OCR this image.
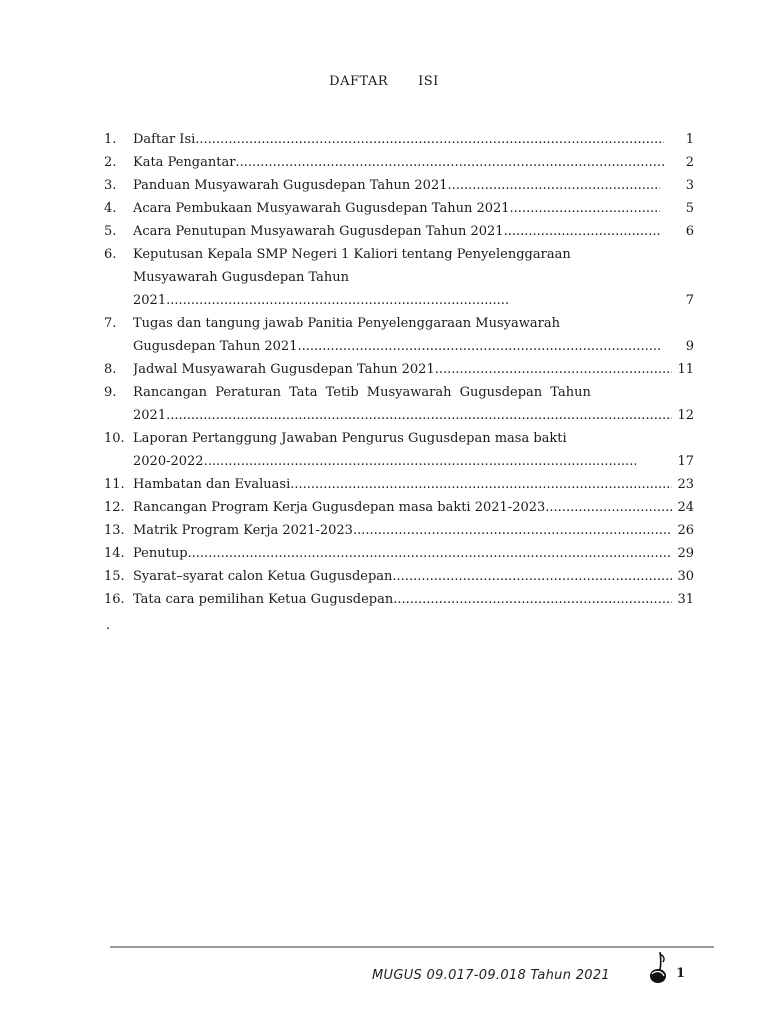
DAFTAR ISI
1. Daftar Isi .....	1
2. Kata Pengantar .....	2
3. Panduan Musyawarah Gugusdepan Tahun 2021 .....	3
4. Acara Pembukaan Musyawarah Gugusdepan Tahun 2021 .....	5
5. Acara Penutupan Musyawarah Gugusdepan Tahun 2021 .....	6
6. Keputusan Kepala SMP Negeri 1 Kaliori tentang Penyelenggaraan
Musyawarah Gugusdepan Tahun
2021 .....	7
7. Tugas dan tangung jawab Panitia Penyelenggaraan Musyawarah
Gugusdepan Tahun 2021 .....	9
8. Jadwal Musyawarah Gugusdepan Tahun 2021 .....	11
9. Rancangan Peraturan Tata Tetib Musyawarah Gugusdepan Tahun
2021 .....	12
10. Laporan Pertanggung Jawaban Pengurus Gugusdepan masa bakti
2020-2022 .....	17
11. Hambatan dan Evaluasi .....	23
12. Rancangan Program Kerja Gugusdepan masa bakti 2021-2023 .....	24
13. Matrik Program Kerja 2021-2023 .....	26
14. Penutup .....	29
15. Syarat–syarat calon Ketua Gugusdepan .....	30
16. Tata cara pemilihan Ketua Gugusdepan .....	31
.
MUGUS 09.017-09.018 Tahun 2021	1
